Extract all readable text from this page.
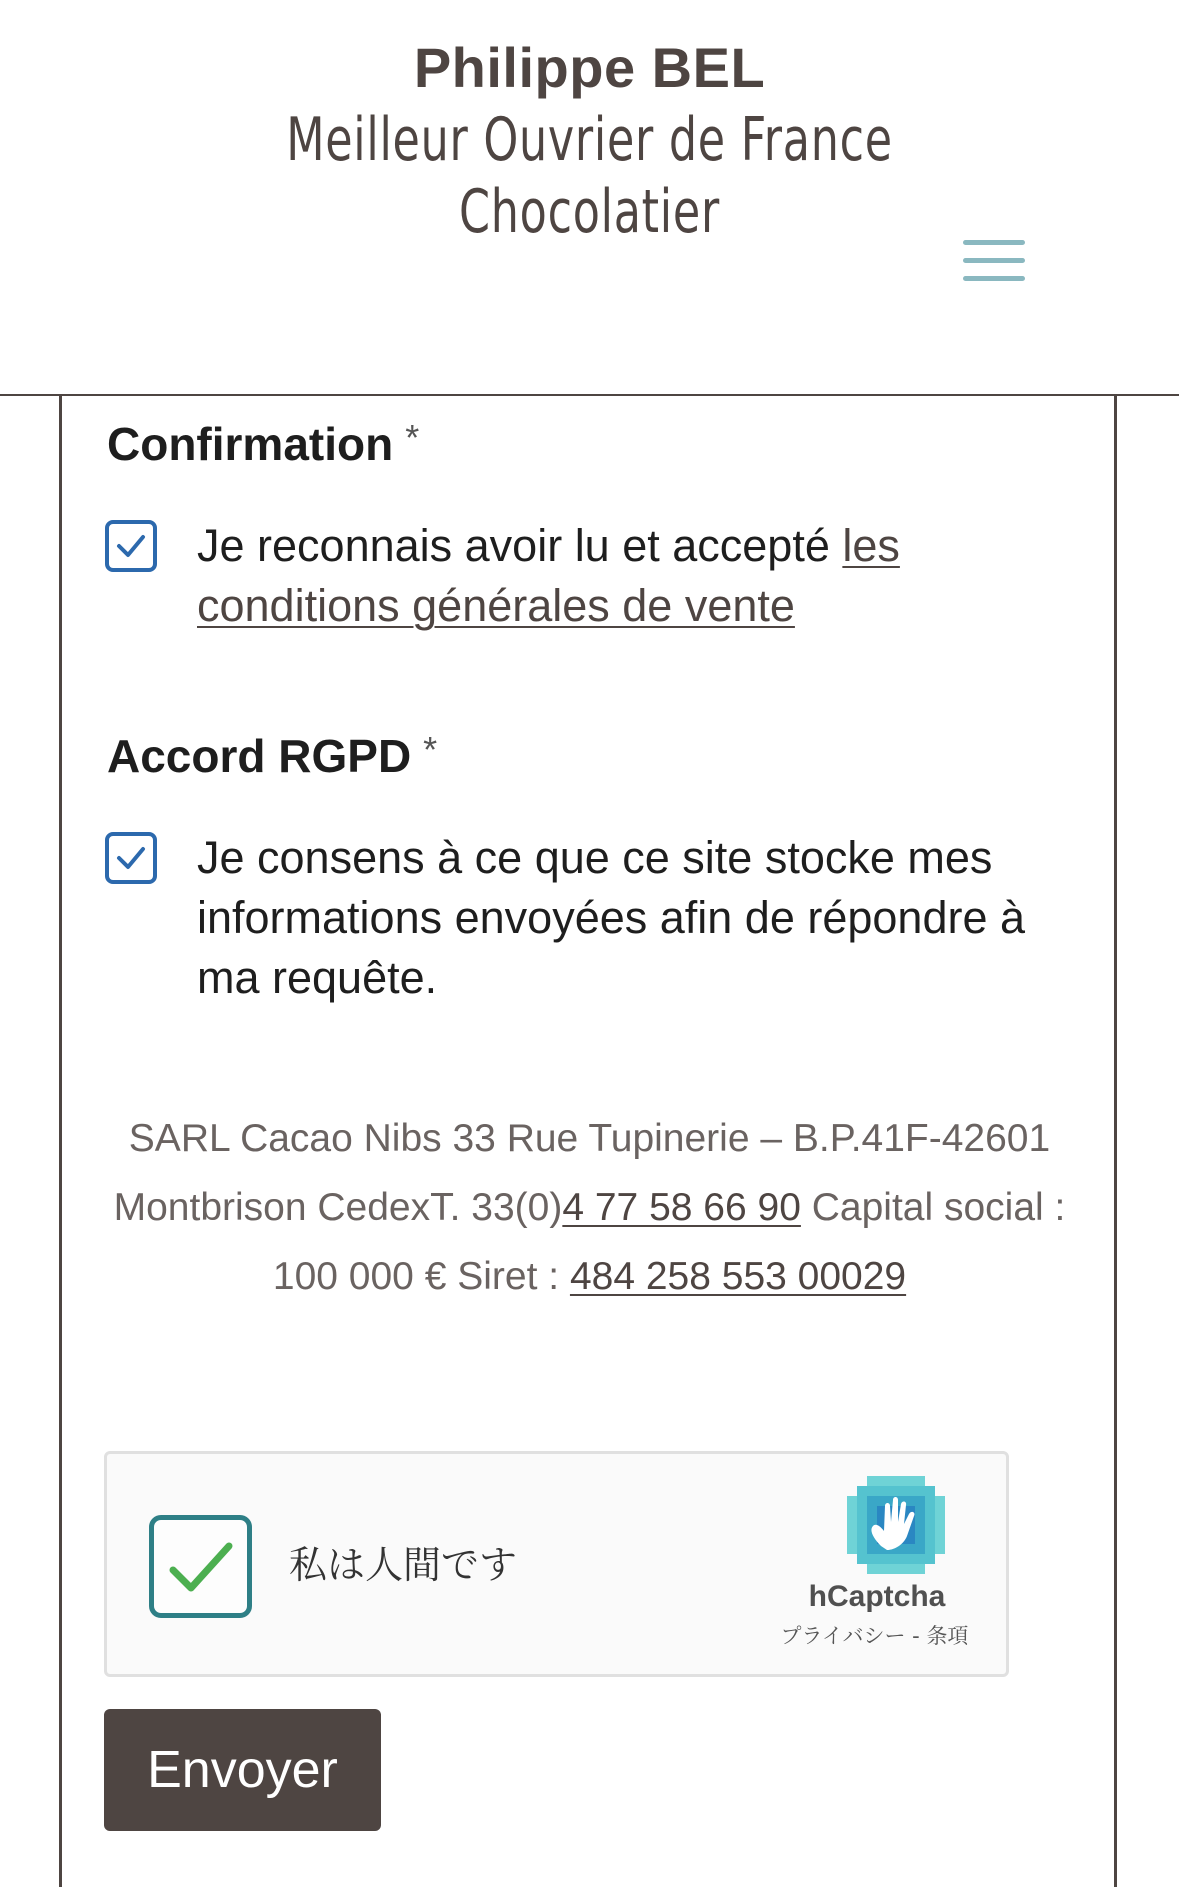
Philippe BEL
Meilleur Ouvrier de France Chocolatier
Confirmation *
Je reconnais avoir lu et accepté les conditions générales de vente
Accord RGPD *
Je consens à ce que ce site stocke mes informations envoyées afin de répondre à ma requête.
SARL Cacao Nibs 33 Rue Tupinerie – B.P.41F-42601 Montbrison CedexT. 33(0)4 77 58 66 90 Capital social : 100 000 € Siret : 484 258 553 00029
私は人間です
hCaptcha
プライバシー - 条項
Envoyer
